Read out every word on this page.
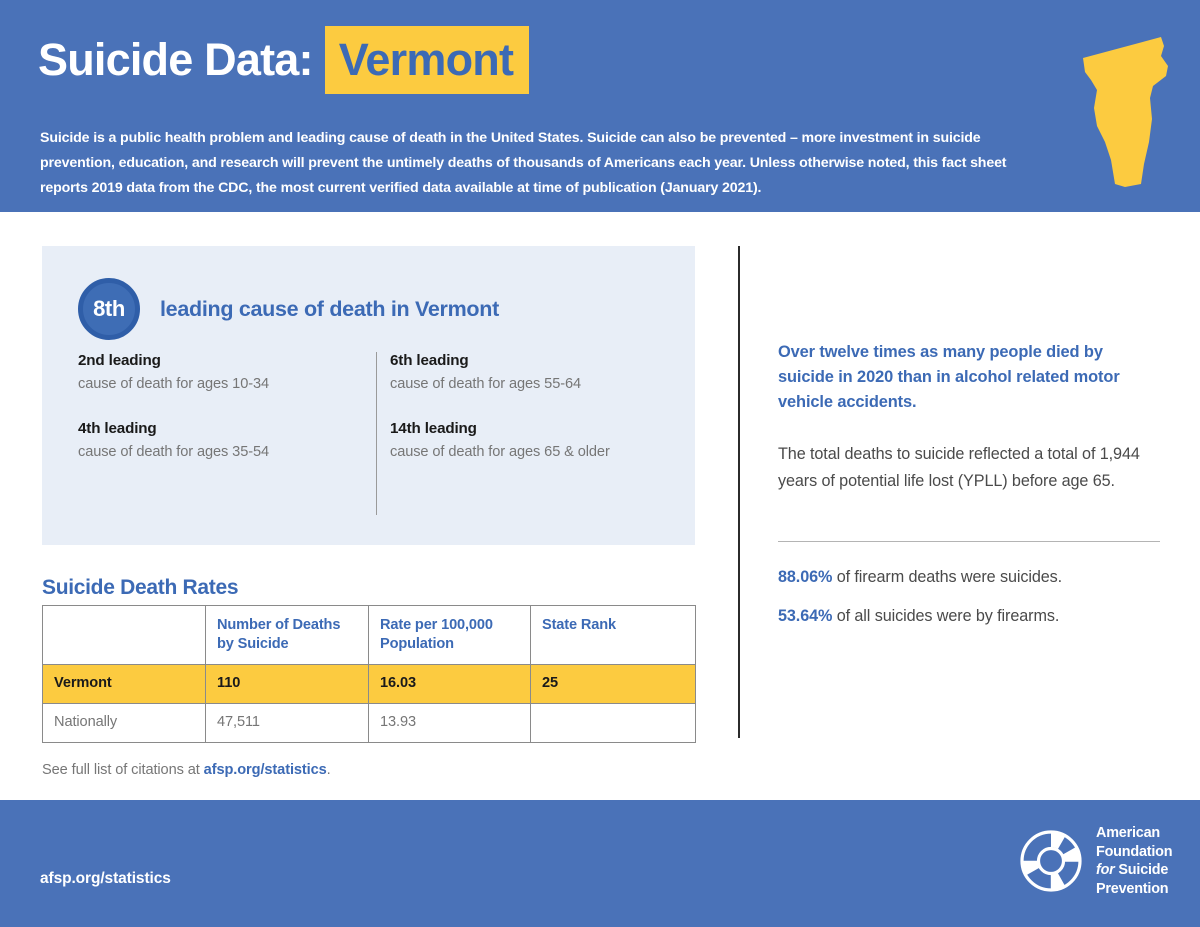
Suicide Data: Vermont
Suicide is a public health problem and leading cause of death in the United States. Suicide can also be prevented – more investment in suicide prevention, education, and research will prevent the untimely deaths of thousands of Americans each year. Unless otherwise noted, this fact sheet reports 2019 data from the CDC, the most current verified data available at time of publication (January 2021).
8th	leading cause of death in Vermont
2nd leading
cause of death for ages 10-34
4th leading
cause of death for ages 35-54
6th leading
cause of death for ages 55-64
14th leading
cause of death for ages 65 & older
Suicide Death Rates
	Number of Deaths by Suicide	Rate per 100,000 Population	State Rank
Vermont	110	16.03	25
Nationally	47,511	13.93	
See full list of citations at afsp.org/statistics.

Over twelve times as many people died by suicide in 2020 than in alcohol related motor vehicle accidents.

The total deaths to suicide reflected a total of 1,944 years of potential life lost (YPLL) before age 65.

88.06% of firearm deaths were suicides.
53.64% of all suicides were by firearms.
afsp.org/statistics
American
Foundation
for Suicide
Prevention
